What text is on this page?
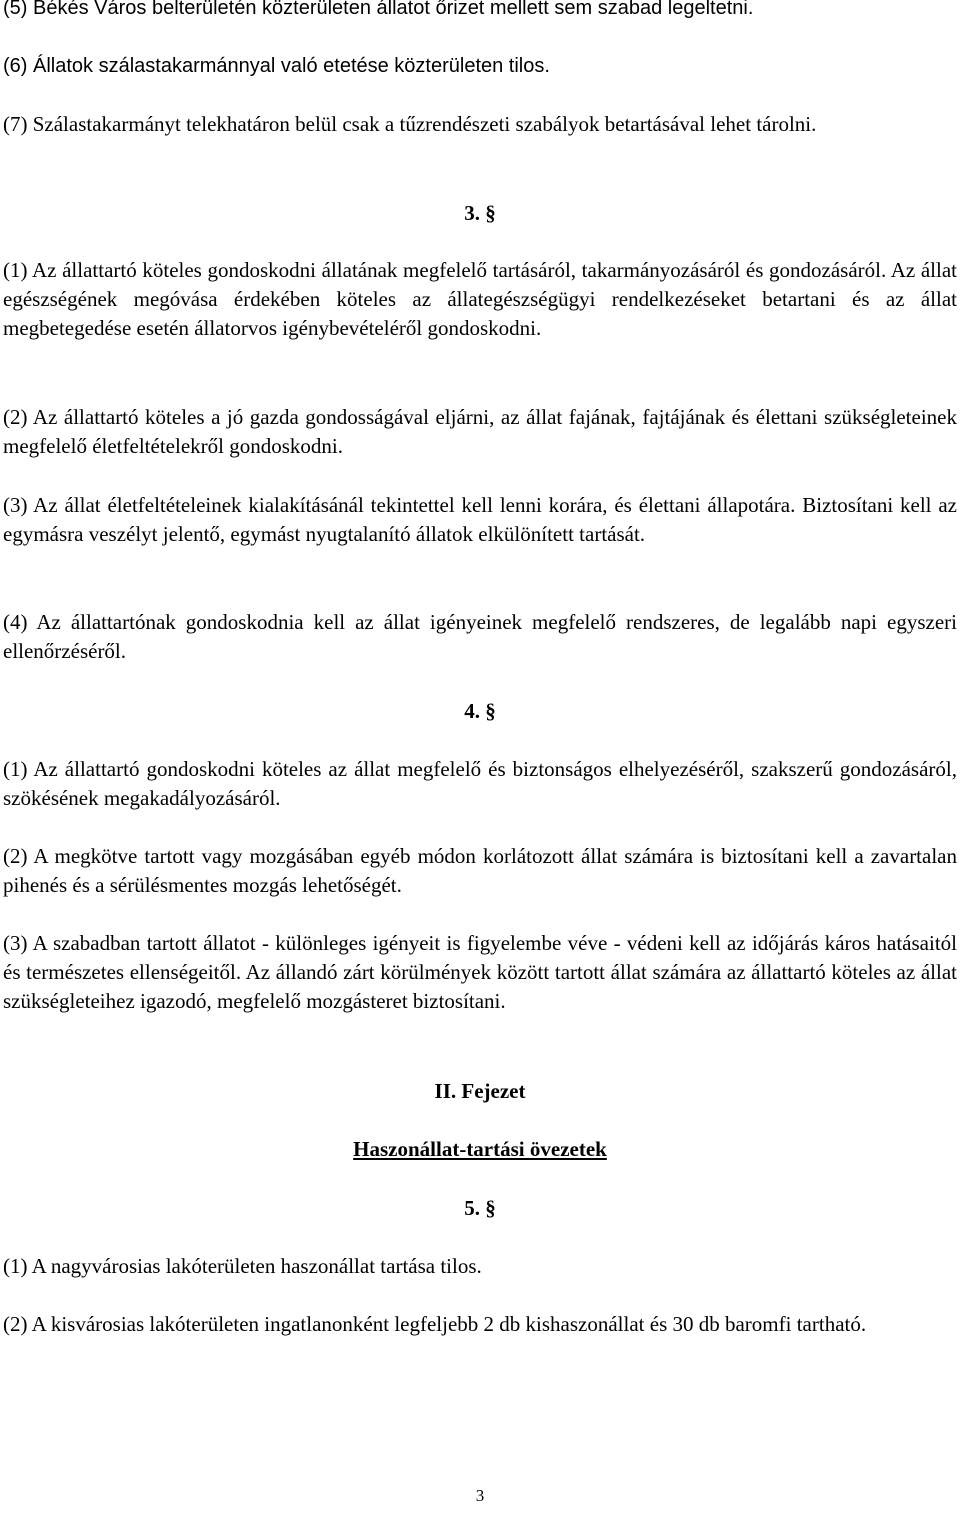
(5) Békés Város belterületén közterületen állatot őrizet mellett sem szabad legeltetni.

(6) Állatok szálastakarmánnyal való etetése közterületen tilos.

(7) Szálastakarmányt telekhatáron belül csak a tűzrendészeti szabályok betartásával lehet tárolni.

3. §

(1) Az állattartó köteles gondoskodni állatának megfelelő tartásáról, takarmányozásáról és gondozásáról. Az állat egészségének megóvása érdekében köteles az állategészségügyi rendelkezéseket betartani és az állat megbetegedése esetén állatorvos igénybevételéről gondoskodni.

(2) Az állattartó köteles a jó gazda gondosságával eljárni, az állat fajának, fajtájának és élettani szükségleteinek megfelelő életfeltételekről gondoskodni.

(3) Az állat életfeltételeinek kialakításánál tekintettel kell lenni korára, és élettani állapotára. Biztosítani kell az egymásra veszélyt jelentő, egymást nyugtalanító állatok elkülönített tartását.

(4) Az állattartónak gondoskodnia kell az állat igényeinek megfelelő rendszeres, de legalább napi egyszeri ellenőrzéséről.

4. §

(1) Az állattartó gondoskodni köteles az állat megfelelő és biztonságos elhelyezéséről, szakszerű gondozásáról, szökésének megakadályozásáról.

(2) A megkötve tartott vagy mozgásában egyéb módon korlátozott állat számára is biztosítani kell a zavartalan pihenés és a sérülésmentes mozgás lehetőségét.

(3) A szabadban tartott állatot - különleges igényeit is figyelembe véve - védeni kell az időjárás káros hatásaitól és természetes ellenségeitől. Az állandó zárt körülmények között tartott állat számára az állattartó köteles az állat szükségleteihez igazodó, megfelelő mozgásteret biztosítani.

II. Fejezet

Haszonállat-tartási övezetek

5. §

(1) A nagyvárosias lakóterületen haszonállat tartása tilos.

(2) A kisvárosias lakóterületen ingatlanonként legfeljebb 2 db kishaszonállat és 30 db baromfi tartható.

3
